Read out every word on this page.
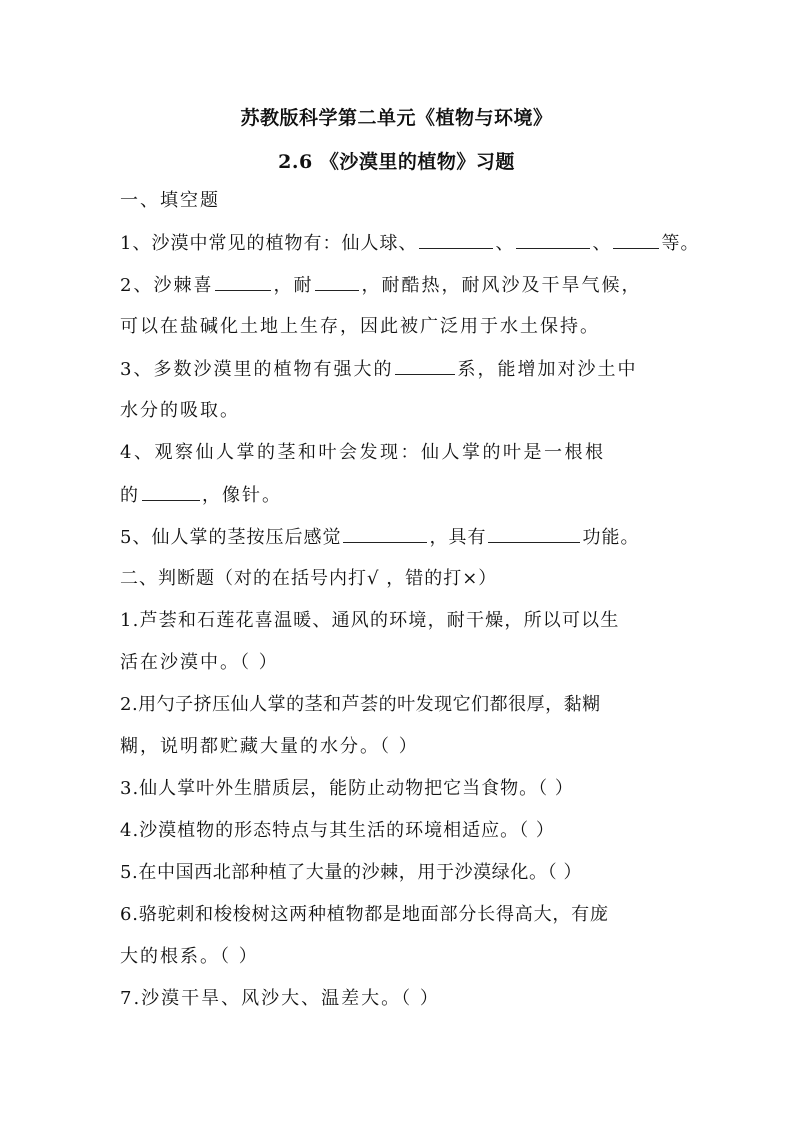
苏教版科学第二单元《植物与环境》
2.6 《沙漠里的植物》习题
一、填空题
1、沙漠中常见的植物有：仙人球、	、	、	等。
2、沙棘喜	，耐	，耐酷热，耐风沙及干旱气候，
可以在盐碱化土地上生存，因此被广泛用于水土保持。
3、多数沙漠里的植物有强大的	系，能增加对沙土中
水分的吸取。
4、观察仙人掌的茎和叶会发现：仙人掌的叶是一根根
的	，像针。
5、仙人掌的茎按压后感觉	，具有	功能。
二、判断题（对的在括号内打√ ，错的打×）
1.芦荟和石莲花喜温暖、通风的环境，耐干燥，所以可以生
活在沙漠中。（ ）
2.用勺子挤压仙人掌的茎和芦荟的叶发现它们都很厚，黏糊
糊，说明都贮藏大量的水分。（ ）
3.仙人掌叶外生腊质层，能防止动物把它当食物。（ ）
4.沙漠植物的形态特点与其生活的环境相适应。（ ）
5.在中国西北部种植了大量的沙棘，用于沙漠绿化。（ ）
6.骆驼刺和梭梭树这两种植物都是地面部分长得高大，有庞
大的根系。（ ）
7.沙漠干旱、风沙大、温差大。（ ）
